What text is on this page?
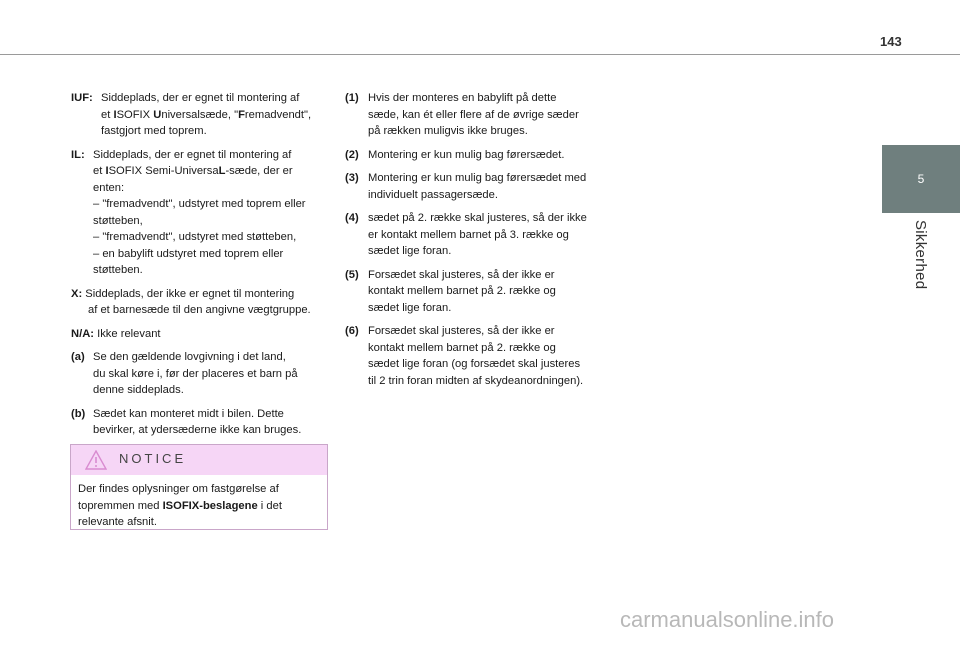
143
5
Sikkerhed
IUF: Siddeplads, der er egnet til montering af
et ISOFIX Universalsæde, "Fremadvendt",
fastgjort med toprem.
IL: Siddeplads, der er egnet til montering af
et ISOFIX Semi-UniversaL-sæde, der er
enten:
– "fremadvendt", udstyret med toprem eller
støtteben,
– "fremadvendt", udstyret med støtteben,
– en babylift udstyret med toprem eller
støtteben.
X: Siddeplads, der ikke er egnet til montering
af et barnesæde til den angivne vægtgruppe.
N/A: Ikke relevant
(a) Se den gældende lovgivning i det land,
du skal køre i, før der placeres et barn på
denne siddeplads.
(b) Sædet kan monteret midt i bilen. Dette
bevirker, at ydersæderne ikke kan bruges.
NOTICE
Der findes oplysninger om fastgørelse af
topremmen med ISOFIX-beslagene i det
relevante afsnit.
(1) Hvis der monteres en babylift på dette
sæde, kan ét eller flere af de øvrige sæder
på rækken muligvis ikke bruges.
(2) Montering er kun mulig bag førersædet.
(3) Montering er kun mulig bag førersædet med
individuelt passagersæde.
(4) sædet på 2. række skal justeres, så der ikke
er kontakt mellem barnet på 3. række og
sædet lige foran.
(5) Forsædet skal justeres, så der ikke er
kontakt mellem barnet på 2. række og
sædet lige foran.
(6) Forsædet skal justeres, så der ikke er
kontakt mellem barnet på 2. række og
sædet lige foran (og forsædet skal justeres
til 2 trin foran midten af skydeanordningen).
carmanualsonline.info
